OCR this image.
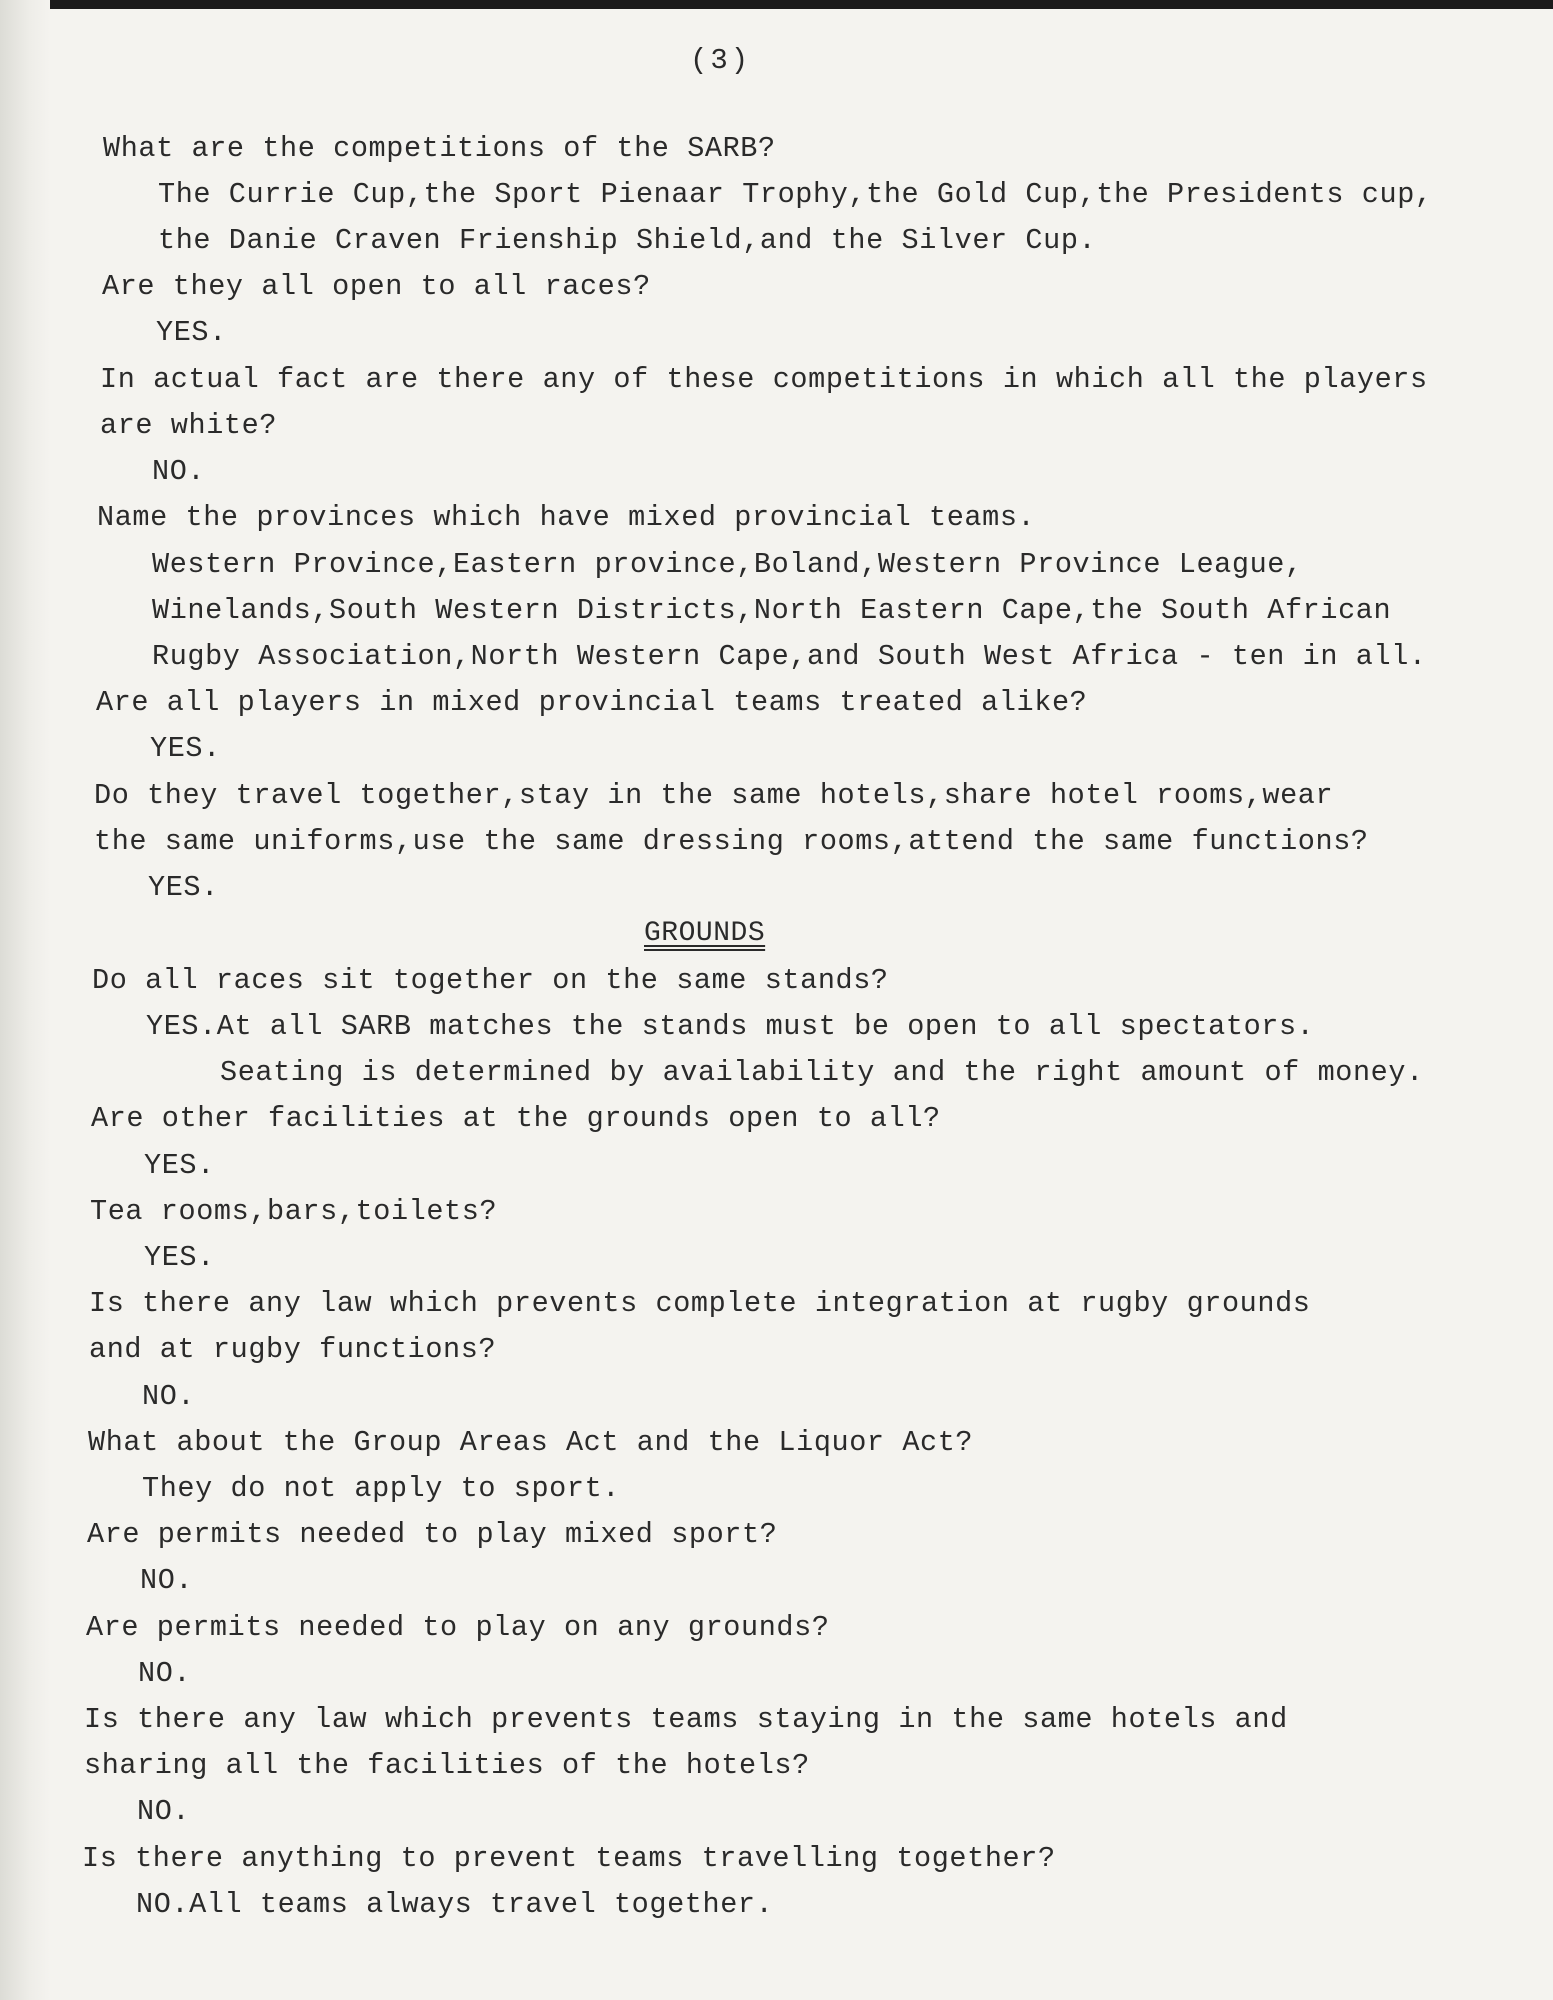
(3)
What are the competitions of the SARB?
The Currie Cup,the Sport Pienaar Trophy,the Gold Cup,the Presidents cup,
the Danie Craven Frienship Shield,and the Silver Cup.
Are they all open to all races?
YES.
In actual fact are there any of these competitions in which all the players
are white?
NO.
Name the provinces which have mixed provincial teams.
Western Province,Eastern province,Boland,Western Province League,
Winelands,South Western Districts,North Eastern Cape,the South African
Rugby Association,North Western Cape,and South West Africa - ten in all.
Are all players in mixed provincial teams treated alike?
YES.
Do they travel together,stay in the same hotels,share hotel rooms,wear
the same uniforms,use the same dressing rooms,attend the same functions?
YES.
GROUNDS
Do all races sit together on the same stands?
YES.At all SARB matches the stands must be open to all spectators.
Seating is determined by availability and the right amount of money.
Are other facilities at the grounds open to all?
YES.
Tea rooms,bars,toilets?
YES.
Is there any law which prevents complete integration at rugby grounds
and at rugby functions?
NO.
What about the Group Areas Act and the Liquor Act?
They do not apply to sport.
Are permits needed to play mixed sport?
NO.
Are permits needed to play on any grounds?
NO.
Is there any law which prevents teams staying in the same hotels and
sharing all the facilities of the hotels?
NO.
Is there anything to prevent teams travelling together?
NO.All teams always travel together.
